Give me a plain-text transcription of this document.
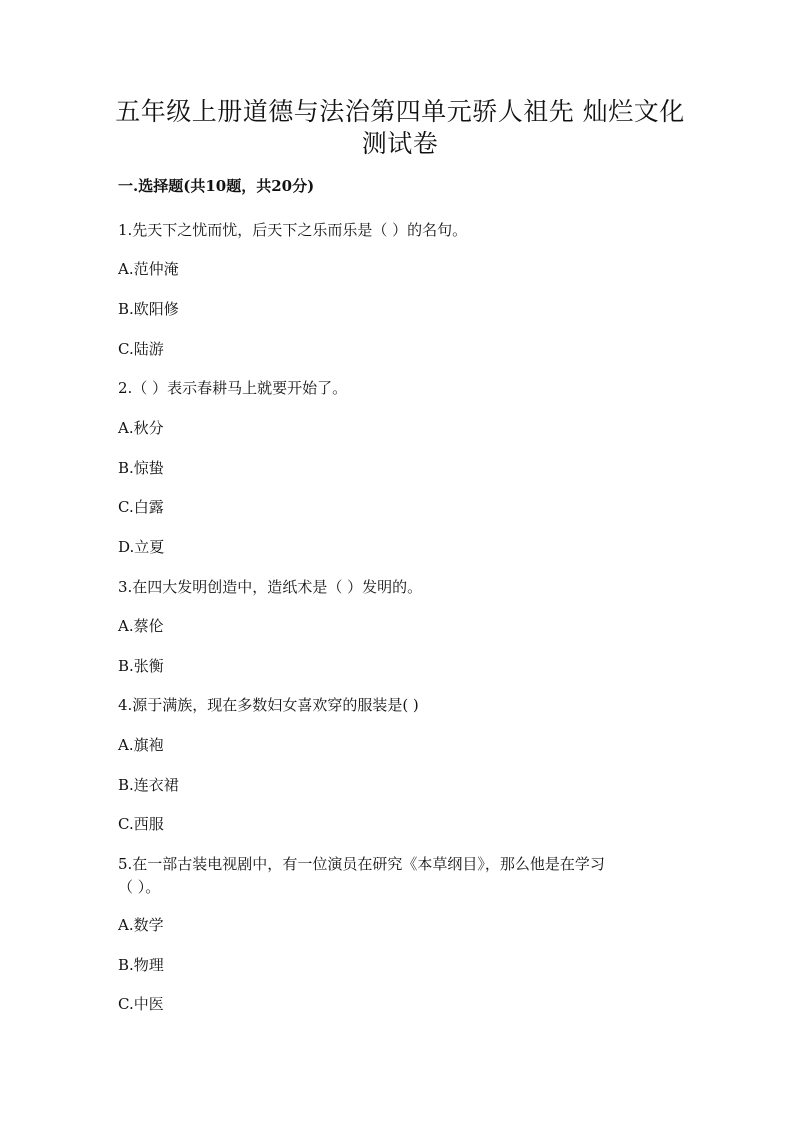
五年级上册道德与法治第四单元骄人祖先 灿烂文化
测试卷
一.选择题(共10题，共20分)
1.先天下之忧而忧，后天下之乐而乐是（ ）的名句。
A.范仲淹
B.欧阳修
C.陆游
2.（ ）表示春耕马上就要开始了。
A.秋分
B.惊蛰
C.白露
D.立夏
3.在四大发明创造中，造纸术是（ ）发明的。
A.蔡伦
B.张衡
4.源于满族，现在多数妇女喜欢穿的服装是( )
A.旗袍
B.连衣裙
C.西服
5.在一部古装电视剧中，有一位演员在研究《本草纲目》，那么他是在学习
（ ）。
A.数学
B.物理
C.中医
